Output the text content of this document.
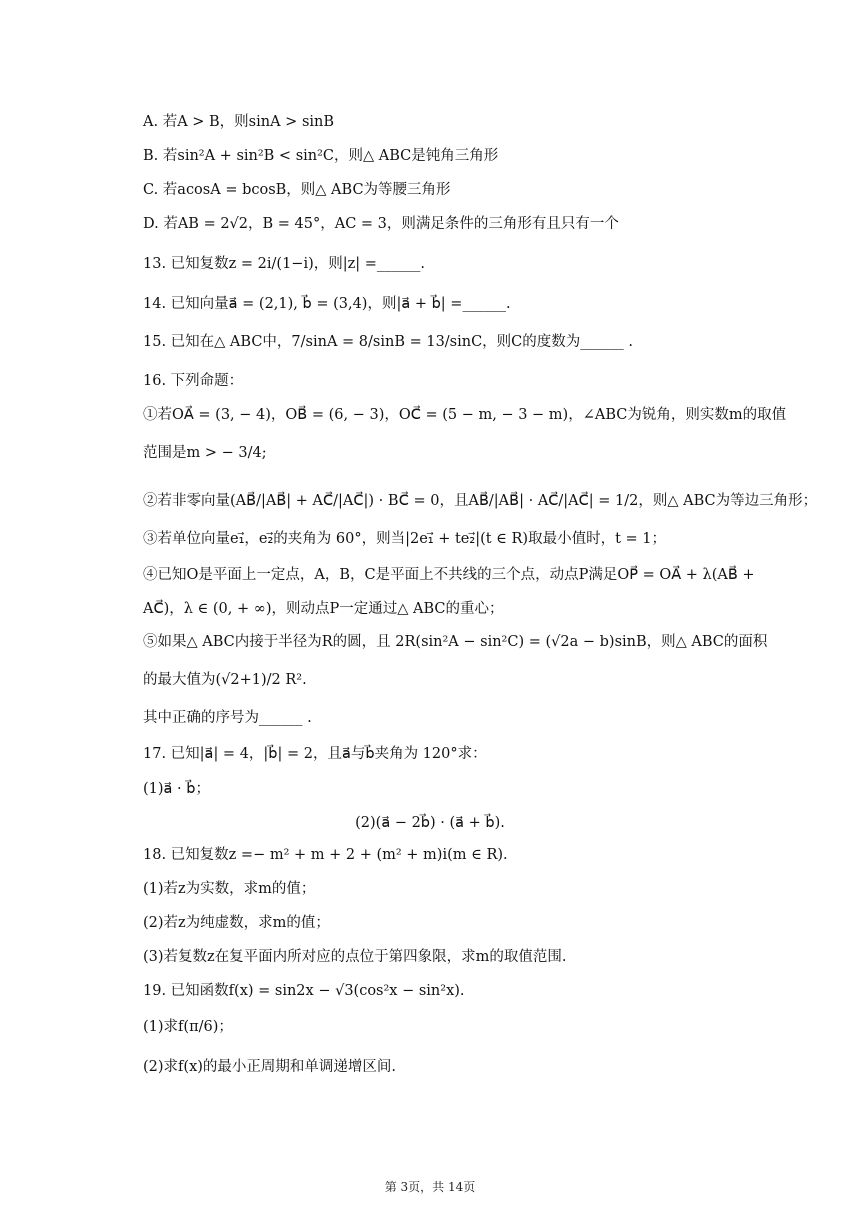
A. 若A > B，则sinA > sinB
B. 若sin²A + sin²B < sin²C，则△ ABC是钝角三角形
C. 若acosA = bcosB，则△ ABC为等腰三角形
D. 若AB = 2√2，B = 45°，AC = 3，则满足条件的三角形有且只有一个
13. 已知复数z = 2i/(1−i)，则|z| =______.
14. 已知向量a⃗ = (2,1), b⃗ = (3,4)，则|a⃗ + b⃗| =______.
15. 已知在△ ABC中，7/sinA = 8/sinB = 13/sinC，则C的度数为______ .
16. 下列命题：
①若OA⃗ = (3, − 4)，OB⃗ = (6, − 3)，OC⃗ = (5 − m, − 3 − m)，∠ABC为锐角，则实数m的取值
范围是m > − 3/4;
②若非零向量(AB⃗/|AB⃗| + AC⃗/|AC⃗|) · BC⃗ = 0，且AB⃗/|AB⃗| · AC⃗/|AC⃗| = 1/2，则△ ABC为等边三角形；
③若单位向量e₁⃗，e₂⃗的夹角为 60°，则当|2e₁⃗ + te₂⃗|(t ∈ R)取最小值时，t = 1；
④已知O是平面上一定点，A，B，C是平面上不共线的三个点，动点P满足OP⃗ = OA⃗ + λ(AB⃗ +
AC⃗)，λ ∈ (0, + ∞)，则动点P一定通过△ ABC的重心；
⑤如果△ ABC内接于半径为R的圆，且 2R(sin²A − sin²C) = (√2a − b)sinB，则△ ABC的面积
的最大值为(√2+1)/2 R².
其中正确的序号为______ .
17. 已知|a⃗| = 4，|b⃗| = 2，且a⃗与b⃗夹角为 120°求：
(1)a⃗ · b⃗；
(2)(a⃗ − 2b⃗) · (a⃗ + b⃗).
18. 已知复数z =− m² + m + 2 + (m² + m)i(m ∈ R).
(1)若z为实数，求m的值；
(2)若z为纯虚数，求m的值；
(3)若复数z在复平面内所对应的点位于第四象限，求m的取值范围.
19. 已知函数f(x) = sin2x − √3(cos²x − sin²x).
(1)求f(π/6)；
(2)求f(x)的最小正周期和单调递增区间.
第 3页，共 14页
